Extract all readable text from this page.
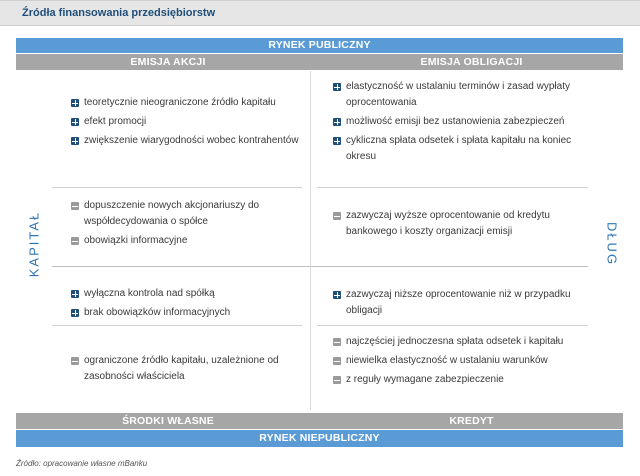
Źródła finansowania przedsiębiorstw
RYNEK PUBLICZNY
EMISJA AKCJI	EMISJA OBLIGACJI
KAPITAŁ	DŁUG
teoretycznie nieograniczone źródło kapitału
efekt promocji
zwiększenie wiarygodności wobec kontrahentów
dopuszczenie nowych akcjonariuszy do współdecydowania o spółce
obowiązki informacyjne
elastyczność w ustalaniu terminów i zasad wypłaty oprocentowania
możliwość emisji bez ustanowienia zabezpieczeń
cykliczna spłata odsetek i spłata kapitału na koniec okresu
zazwyczaj wyższe oprocentowanie od kredytu bankowego i koszty organizacji emisji
wyłączna kontrola nad spółką
brak obowiązków informacyjnych
ograniczone źródło kapitału, uzależnione od zasobności właściciela
zazwyczaj niższe oprocentowanie niż w przypadku obligacji
najczęściej jednoczesna spłata odsetek i kapitału
niewielka elastyczność w ustalaniu warunków
z reguły wymagane zabezpieczenie
ŚRODKI WŁASNE	KREDYT
RYNEK NIEPUBLICZNY
Źródło: opracowanie własne mBanku
